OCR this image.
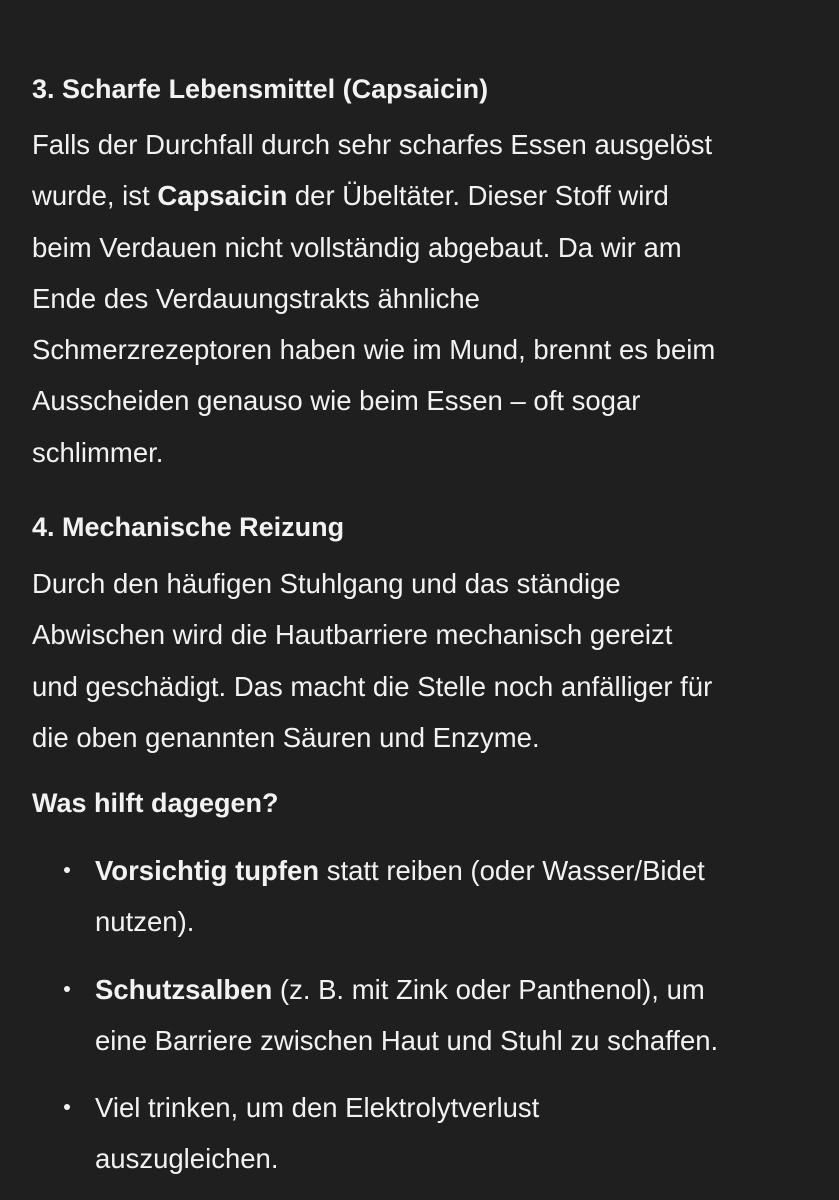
3. Scharfe Lebensmittel (Capsaicin)

Falls der Durchfall durch sehr scharfes Essen ausgelöst
wurde, ist Capsaicin der Übeltäter. Dieser Stoff wird
beim Verdauen nicht vollständig abgebaut. Da wir am
Ende des Verdauungstrakts ähnliche
Schmerzrezeptoren haben wie im Mund, brennt es beim
Ausscheiden genauso wie beim Essen – oft sogar
schlimmer.

4. Mechanische Reizung

Durch den häufigen Stuhlgang und das ständige
Abwischen wird die Hautbarriere mechanisch gereizt
und geschädigt. Das macht die Stelle noch anfälliger für
die oben genannten Säuren und Enzyme.

Was hilft dagegen?
Vorsichtig tupfen statt reiben (oder Wasser/Bidet
nutzen).
Schutzsalben (z. B. mit Zink oder Panthenol), um
eine Barriere zwischen Haut und Stuhl zu schaffen.
Viel trinken, um den Elektrolytverlust
auszugleichen.
